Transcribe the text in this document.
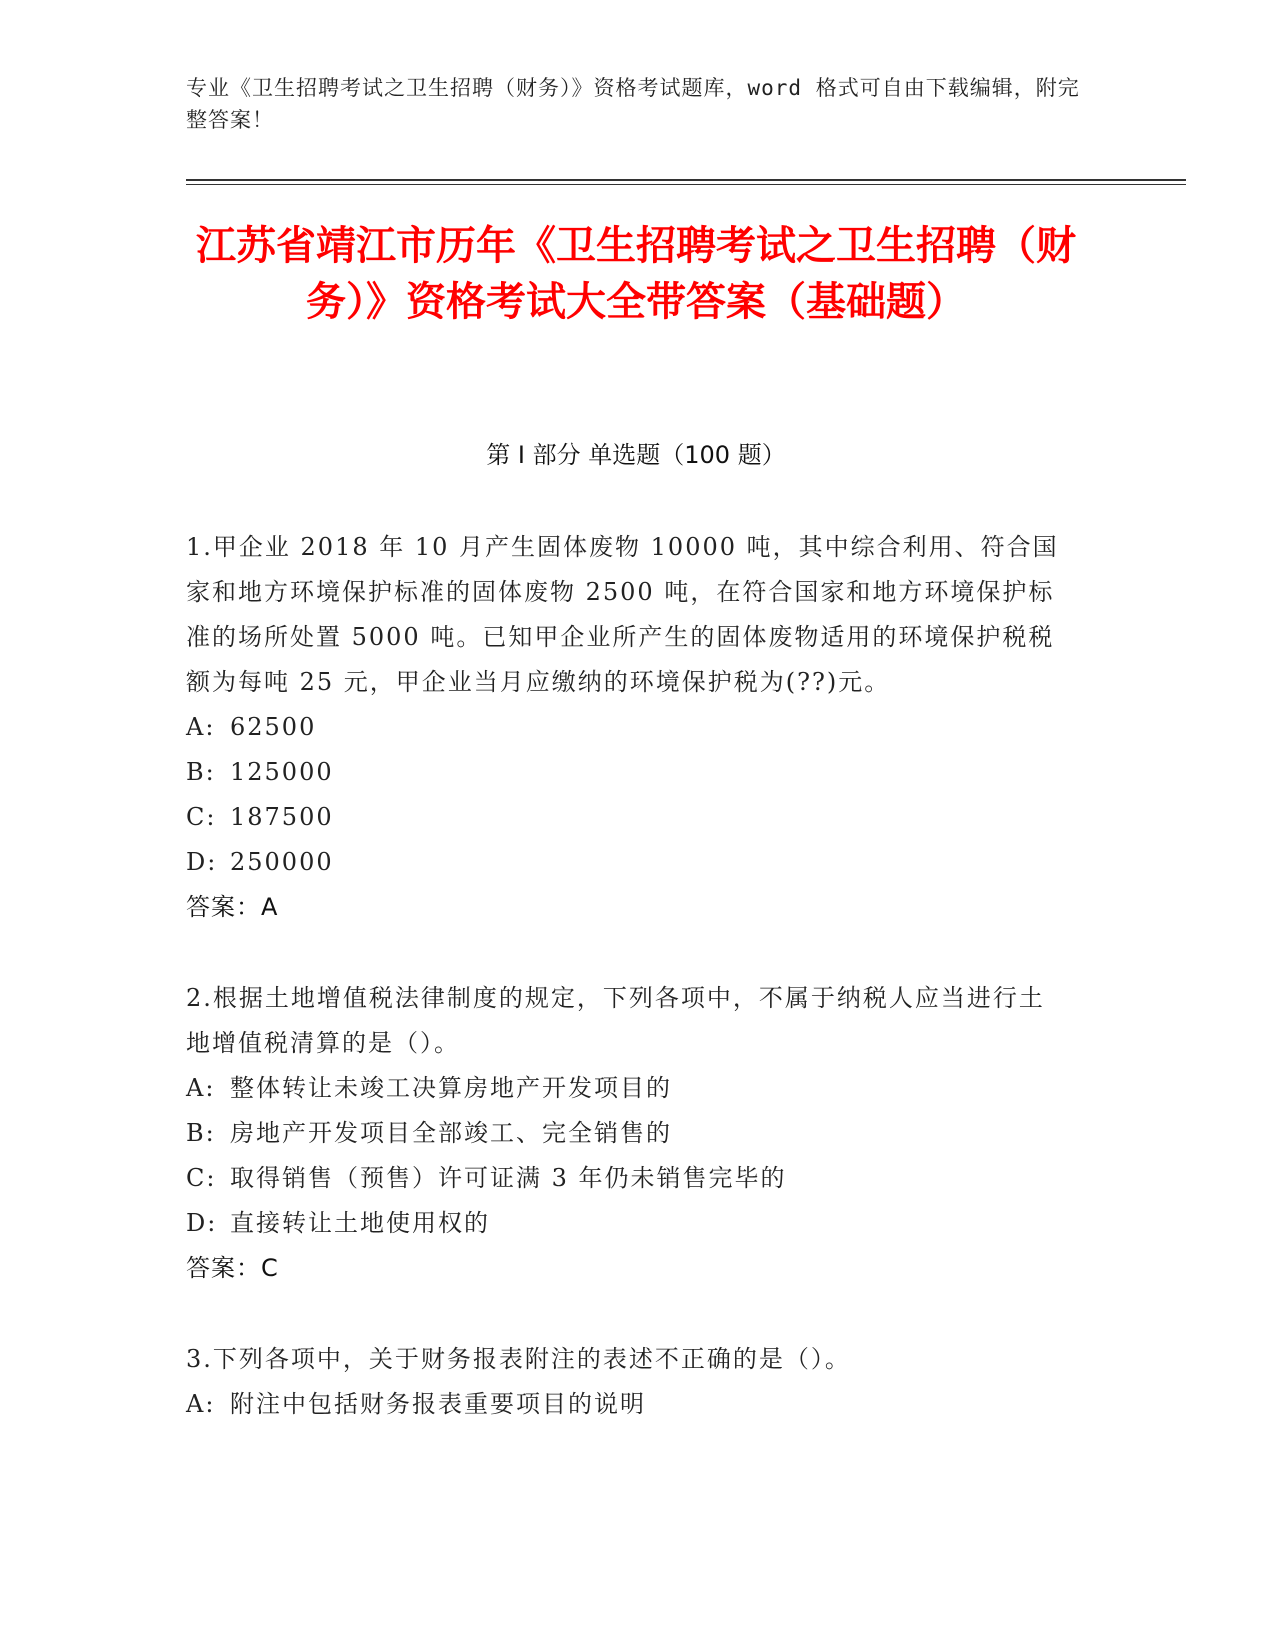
专业《卫生招聘考试之卫生招聘（财务）》资格考试题库，word 格式可自由下载编辑，附完整答案！
江苏省靖江市历年《卫生招聘考试之卫生招聘（财务）》资格考试大全带答案（基础题）
第 I 部分 单选题（100 题）

1.甲企业 2018 年 10 月产生固体废物 10000 吨，其中综合利用、符合国家和地方环境保护标准的固体废物 2500 吨，在符合国家和地方环境保护标准的场所处置 5000 吨。已知甲企业所产生的固体废物适用的环境保护税税额为每吨 25 元，甲企业当月应缴纳的环境保护税为(??)元。

A: 62500

B: 125000

C: 187500

D: 250000

答案：A

2.根据土地增值税法律制度的规定，下列各项中，不属于纳税人应当进行土地增值税清算的是（）。

A: 整体转让未竣工决算房地产开发项目的

B: 房地产开发项目全部竣工、完全销售的

C: 取得销售（预售）许可证满 3 年仍未销售完毕的

D: 直接转让土地使用权的

答案：C

3.下列各项中，关于财务报表附注的表述不正确的是（）。

A: 附注中包括财务报表重要项目的说明
